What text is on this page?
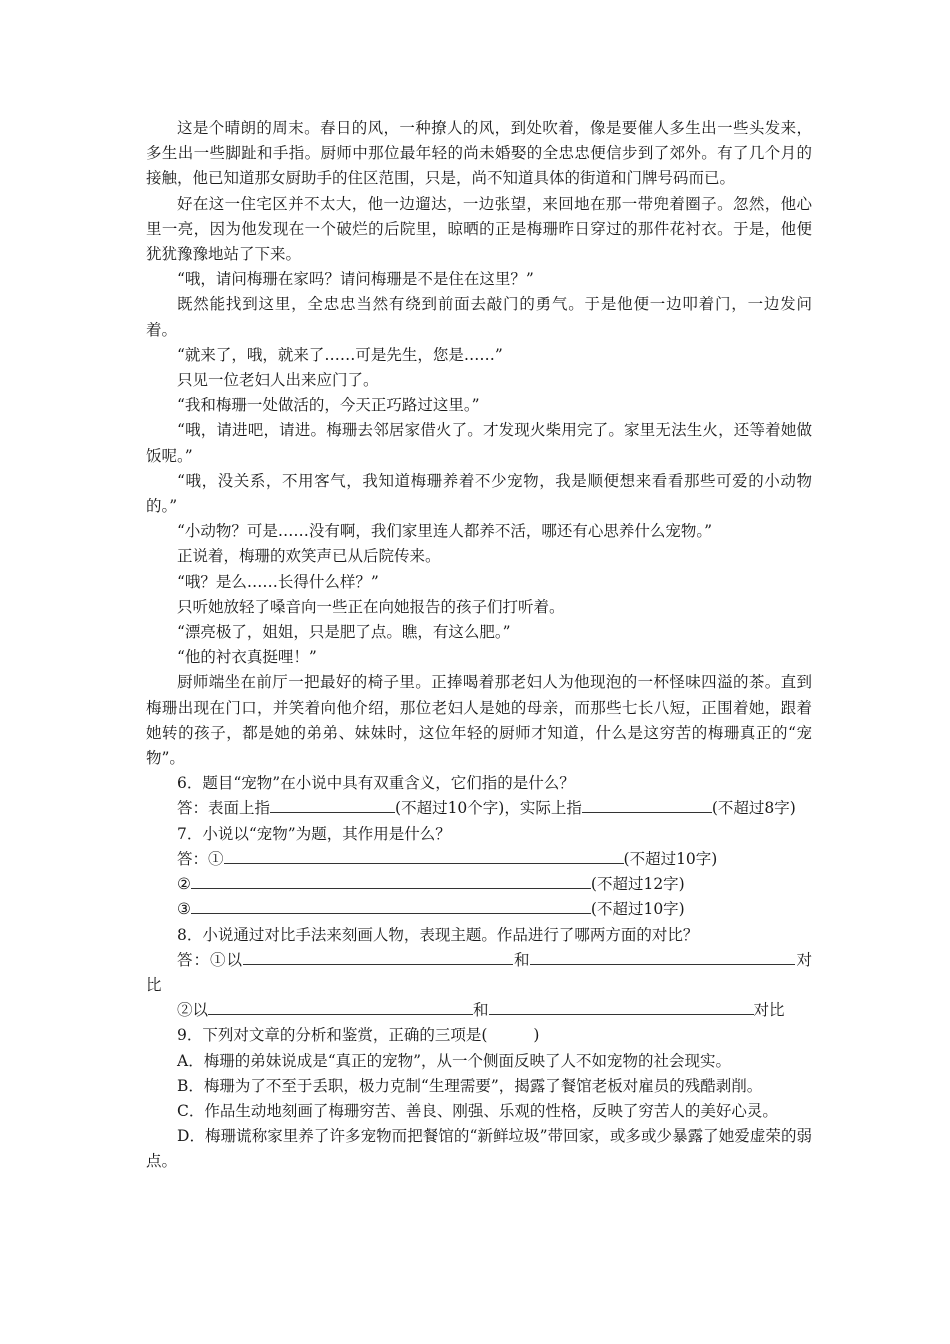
这是个晴朗的周末。春日的风，一种撩人的风，到处吹着，像是要催人多生出一些头发来，多生出一些脚趾和手指。厨师中那位最年轻的尚未婚娶的全忠忠便信步到了郊外。有了几个月的接触，他已知道那女厨助手的住区范围，只是，尚不知道具体的街道和门牌号码而已。

好在这一住宅区并不太大，他一边遛达，一边张望，来回地在那一带兜着圈子。忽然，他心里一亮，因为他发现在一个破烂的后院里，晾晒的正是梅珊昨日穿过的那件花衬衣。于是，他便犹犹豫豫地站了下来。

“哦，请问梅珊在家吗？请问梅珊是不是住在这里？”

既然能找到这里，全忠忠当然有绕到前面去敲门的勇气。于是他便一边叩着门，一边发问着。

“就来了，哦，就来了……可是先生，您是……”

只见一位老妇人出来应门了。

“我和梅珊一处做活的，今天正巧路过这里。”

“哦，请进吧，请进。梅珊去邻居家借火了。才发现火柴用完了。家里无法生火，还等着她做饭呢。”

“哦，没关系，不用客气，我知道梅珊养着不少宠物，我是顺便想来看看那些可爱的小动物的。”

“小动物？可是……没有啊，我们家里连人都养不活，哪还有心思养什么宠物。”

正说着，梅珊的欢笑声已从后院传来。

“哦？是么……长得什么样？”

只听她放轻了嗓音向一些正在向她报告的孩子们打听着。

“漂亮极了，姐姐，只是肥了点。瞧，有这么肥。”

“他的衬衣真挺哩！”

厨师端坐在前厅一把最好的椅子里。正捧喝着那老妇人为他现泡的一杯怪味四溢的茶。直到梅珊出现在门口，并笑着向他介绍，那位老妇人是她的母亲，而那些七长八短，正围着她，跟着她转的孩子，都是她的弟弟、妹妹时，这位年轻的厨师才知道，什么是这穷苦的梅珊真正的“宠物”。

6．题目“宠物”在小说中具有双重含义，它们指的是什么？

答：表面上指	(不超过10个字)，实际上指	(不超过8字)

7．小说以“宠物”为题，其作用是什么？

答：①	(不超过10字)

②	(不超过12字)

③	(不超过10字)

8．小说通过对比手法来刻画人物，表现主题。作品进行了哪两方面的对比？

答：①以	和	对比

②以	和	对比

9．下列对文章的分析和鉴赏，正确的三项是(	)

A．梅珊的弟妹说成是“真正的宠物”，从一个侧面反映了人不如宠物的社会现实。

B．梅珊为了不至于丢职，极力克制“生理需要”，揭露了餐馆老板对雇员的残酷剥削。

C．作品生动地刻画了梅珊穷苦、善良、刚强、乐观的性格，反映了穷苦人的美好心灵。

D．梅珊谎称家里养了许多宠物而把餐馆的“新鲜垃圾”带回家，或多或少暴露了她爱虚荣的弱点。
